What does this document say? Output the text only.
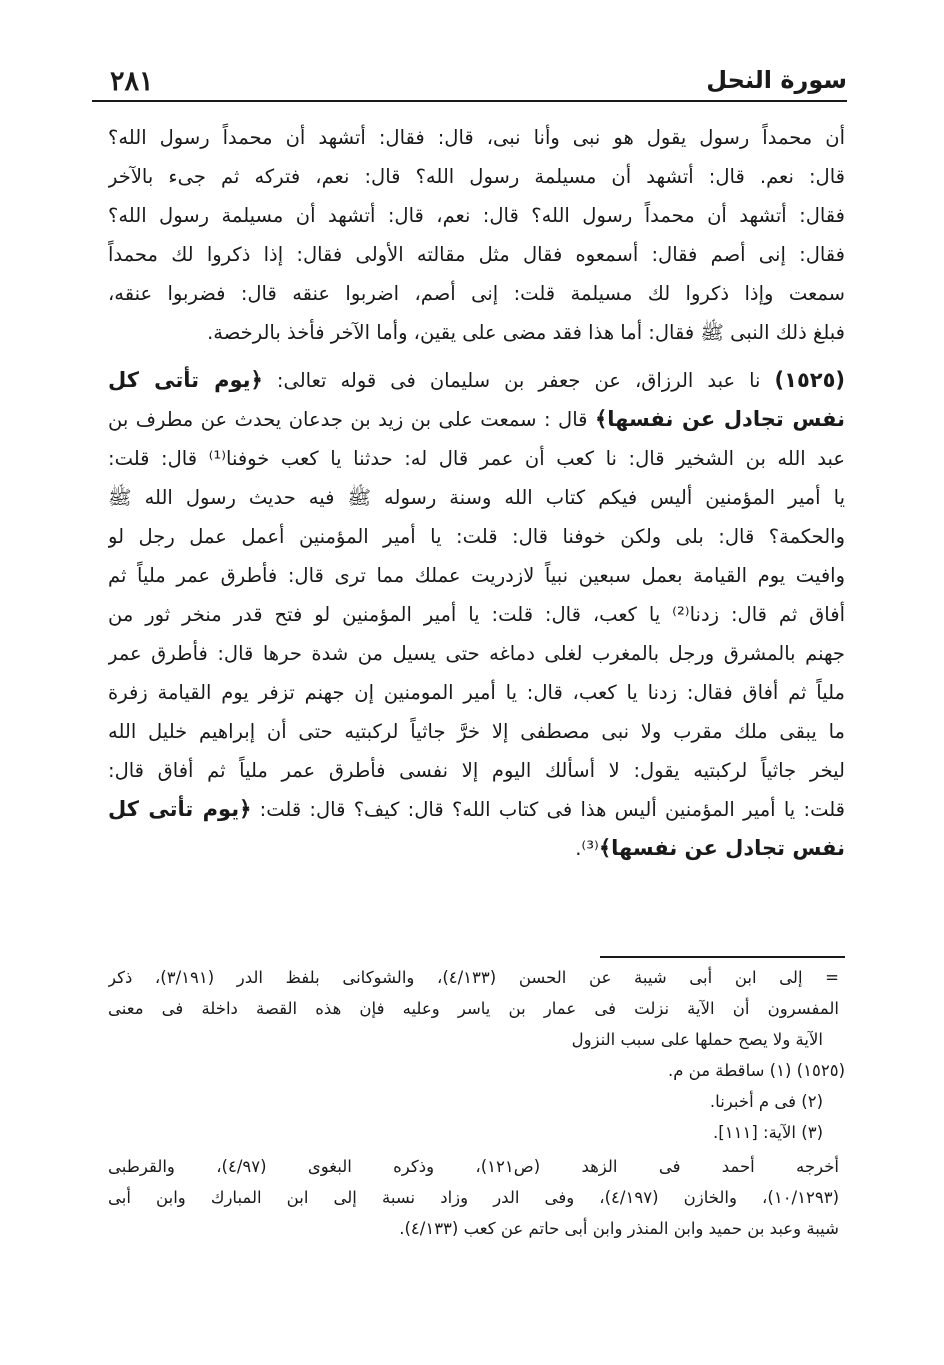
٢٨١	سورة النحل
أن محمداً رسول يقول هو نبى وأنا نبى، قال: فقال: أتشهد أن محمداً رسول الله؟
قال: نعم. قال: أتشهد أن مسيلمة رسول الله؟ قال: نعم، فتركه ثم جىء بالآخر
فقال: أتشهد أن محمداً رسول الله؟ قال: نعم، قال: أتشهد أن مسيلمة رسول الله؟
فقال: إنى أصم فقال: أسمعوه فقال مثل مقالته الأولى فقال: إذا ذكروا لك محمداً
سمعت وإذا ذكروا لك مسيلمة قلت: إنى أصم، اضربوا عنقه قال: فضربوا عنقه،
فبلغ ذلك النبى ﷺ فقال: أما هذا فقد مضى على يقين، وأما الآخر فأخذ بالرخصة.
(١٥٢٥) نا عبد الرزاق، عن جعفر بن سليمان فى قوله تعالى: ﴿يوم تأتى كل
نفس تجادل عن نفسها﴾ قال : سمعت على بن زيد بن جدعان يحدث عن مطرف بن
عبد الله بن الشخير قال: نا كعب أن عمر قال له: حدثنا يا كعب خوفنا⁽¹⁾ قال: قلت:
يا أمير المؤمنين أليس فيكم كتاب الله وسنة رسوله ﷺ فيه حديث رسول الله ﷺ
والحكمة؟ قال: بلى ولكن خوفنا قال: قلت: يا أمير المؤمنين أعمل عمل رجل لو
وافيت يوم القيامة بعمل سبعين نبياً لازدريت عملك مما ترى قال: فأطرق عمر ملياً ثم
أفاق ثم قال: زدنا⁽²⁾ يا كعب، قال: قلت: يا أمير المؤمنين لو فتح قدر منخر ثور من
جهنم بالمشرق ورجل بالمغرب لغلى دماغه حتى يسيل من شدة حرها قال: فأطرق عمر
ملياً ثم أفاق فقال: زدنا يا كعب، قال: يا أمير المومنين إن جهنم تزفر يوم القيامة زفرة
ما يبقى ملك مقرب ولا نبى مصطفى إلا خرَّ جاثياً لركبتيه حتى أن إبراهيم خليل الله
ليخر جاثياً لركبتيه يقول: لا أسألك اليوم إلا نفسى فأطرق عمر ملياً ثم أفاق قال:
قلت: يا أمير المؤمنين أليس هذا فى كتاب الله؟ قال: كيف؟ قال: قلت: ﴿يوم تأتى كل
نفس تجادل عن نفسها﴾⁽³⁾.
= إلى ابن أبى شيبة عن الحسن (٤/١٣٣)، والشوكانى بلفظ الدر (٣/١٩١)، ذكر
المفسرون أن الآية نزلت فى عمار بن ياسر وعليه فإن هذه القصة داخلة فى معنى
الآية ولا يصح حملها على سبب النزول
(١٥٢٥) (١) ساقطة من م.
(٢) فى م أخبرنا.
(٣) الآية: [١١١].
أخرجه أحمد فى الزهد (ص١٢١)، وذكره البغوى (٤/٩٧)، والقرطبى
(١٠/١٢٩٣)، والخازن (٤/١٩٧)، وفى الدر وزاد نسبة إلى ابن المبارك وابن أبى
شيبة وعبد بن حميد وابن المنذر وابن أبى حاتم عن كعب (٤/١٣٣).
